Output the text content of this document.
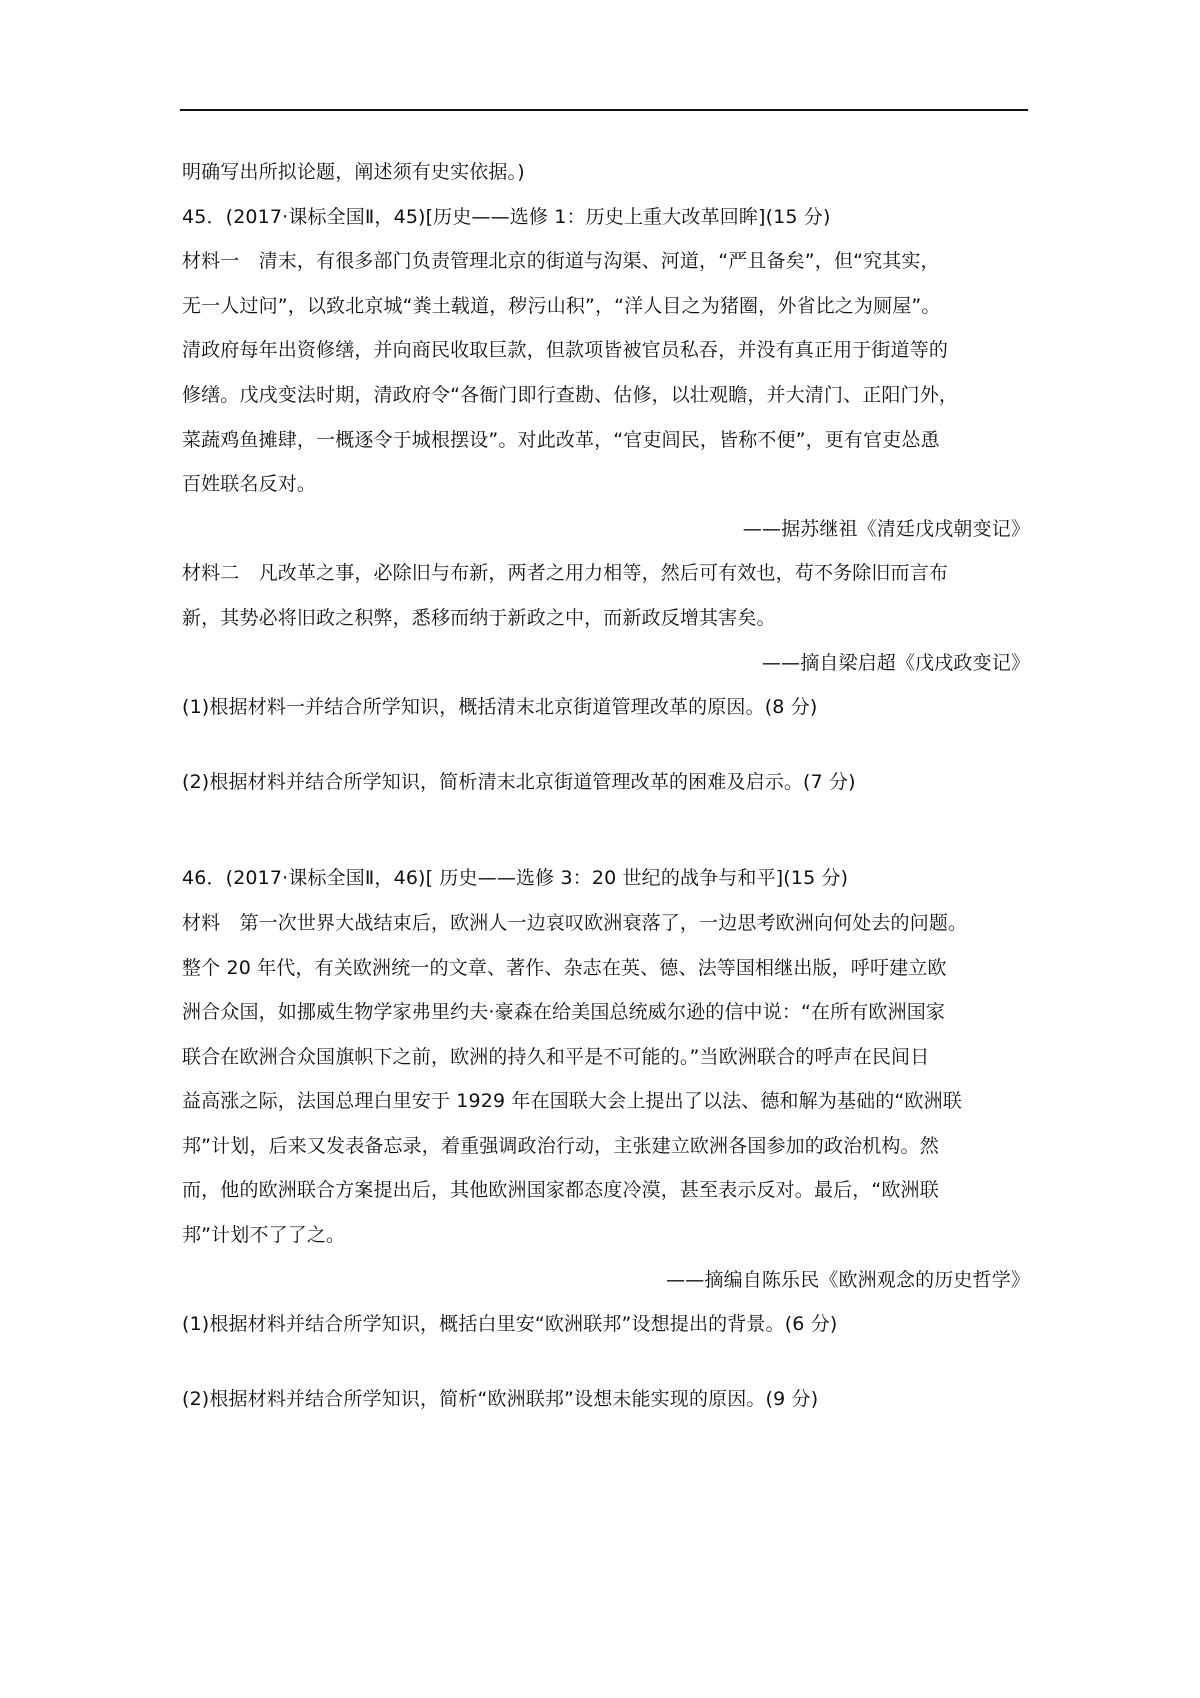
明确写出所拟论题，阐述须有史实依据。)
45．(2017·课标全国Ⅱ，45)[历史——选修 1：历史上重大改革回眸](15 分)
材料一　清末，有很多部门负责管理北京的街道与沟渠、河道，“严且备矣”，但“究其实，
无一人过问”，以致北京城“粪土载道，秽污山积”，“洋人目之为猪圈，外省比之为厕屋”。
清政府每年出资修缮，并向商民收取巨款，但款项皆被官员私吞，并没有真正用于街道等的
修缮。戊戌变法时期，清政府令“各衙门即行查勘、估修，以壮观瞻，并大清门、正阳门外，
菜蔬鸡鱼摊肆，一概逐令于城根摆设”。对此改革，“官吏闾民，皆称不便”，更有官吏怂恿
百姓联名反对。
——据苏继祖《清廷戊戌朝变记》
材料二　凡改革之事，必除旧与布新，两者之用力相等，然后可有效也，苟不务除旧而言布
新，其势必将旧政之积弊，悉移而纳于新政之中，而新政反增其害矣。
——摘自梁启超《戊戌政变记》
(1)根据材料一并结合所学知识，概括清末北京街道管理改革的原因。(8 分)
(2)根据材料并结合所学知识，简析清末北京街道管理改革的困难及启示。(7 分)
46．(2017·课标全国Ⅱ，46)[ 历史——选修 3：20 世纪的战争与和平](15 分)
材料　第一次世界大战结束后，欧洲人一边哀叹欧洲衰落了，一边思考欧洲向何处去的问题。
整个 20 年代，有关欧洲统一的文章、著作、杂志在英、德、法等国相继出版，呼吁建立欧
洲合众国，如挪威生物学家弗里约夫·豪森在给美国总统威尔逊的信中说：“在所有欧洲国家
联合在欧洲合众国旗帜下之前，欧洲的持久和平是不可能的。”当欧洲联合的呼声在民间日
益高涨之际，法国总理白里安于 1929 年在国联大会上提出了以法、德和解为基础的“欧洲联
邦”计划，后来又发表备忘录，着重强调政治行动，主张建立欧洲各国参加的政治机构。然
而，他的欧洲联合方案提出后，其他欧洲国家都态度冷漠，甚至表示反对。最后，“欧洲联
邦”计划不了了之。
——摘编自陈乐民《欧洲观念的历史哲学》
(1)根据材料并结合所学知识，概括白里安“欧洲联邦”设想提出的背景。(6 分)
(2)根据材料并结合所学知识，简析“欧洲联邦”设想未能实现的原因。(9 分)
